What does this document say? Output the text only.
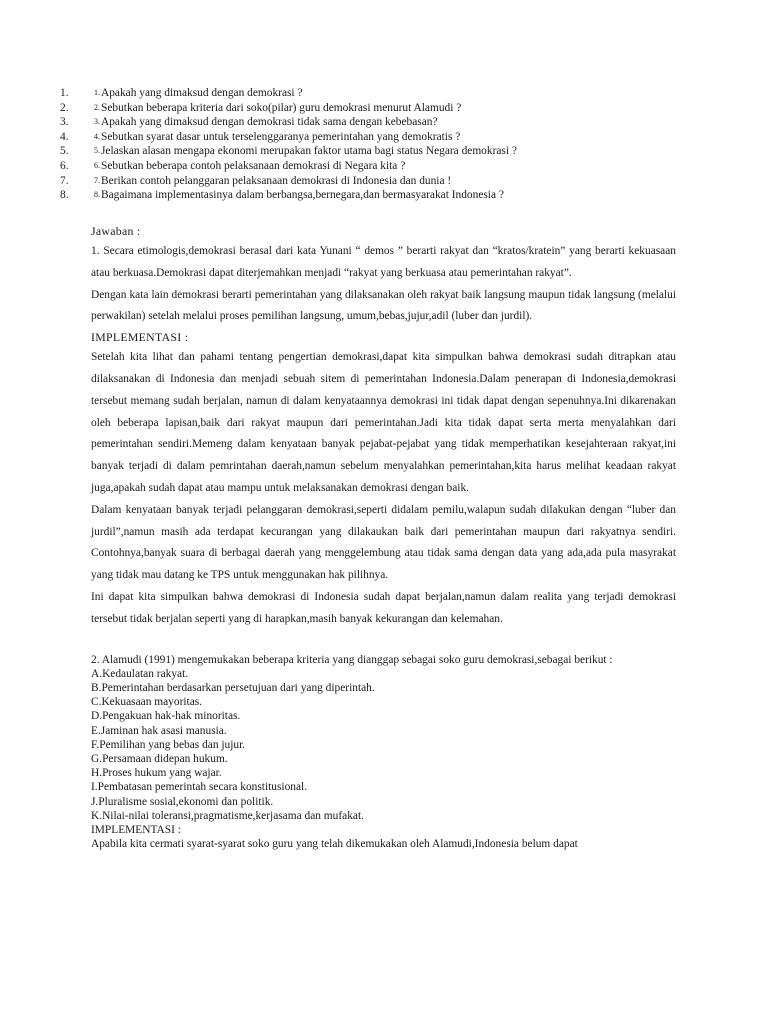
1.	1. Apakah yang dimaksud dengan demokrasi ?
2.	2. Sebutkan beberapa kriteria dari soko(pilar) guru demokrasi menurut Alamudi ?
3.	3. Apakah yang dimaksud dengan demokrasi tidak sama dengan kebebasan?
4.	4. Sebutkan syarat dasar untuk terselenggaranya pemerintahan yang demokratis ?
5.	5. Jelaskan alasan mengapa ekonomi merupakan faktor utama bagi status Negara demokrasi ?
6.	6. Sebutkan beberapa contoh pelaksanaan demokrasi di Negara kita ?
7.	7. Berikan contoh pelanggaran pelaksanaan demokrasi di Indonesia dan dunia !
8.	8. Bagaimana implementasinya dalam berbangsa,bernegara,dan bermasyarakat Indonesia ?
Jawaban :

1. Secara etimologis,demokrasi berasal dari kata Yunani “ demos ” berarti rakyat dan “kratos/kratein” yang berarti kekuasaan atau berkuasa.Demokrasi dapat diterjemahkan menjadi “rakyat yang berkuasa atau pemerintahan rakyat”.

Dengan kata lain demokrasi berarti pemerintahan yang dilaksanakan oleh rakyat baik langsung maupun tidak langsung (melalui perwakilan) setelah melalui proses pemilihan langsung, umum,bebas,jujur,adil (luber dan jurdil).

IMPLEMENTASI :

Setelah kita lihat dan pahami tentang pengertian demokrasi,dapat kita simpulkan bahwa demokrasi sudah ditrapkan atau dilaksanakan di Indonesia dan menjadi sebuah sitem di pemerintahan Indonesia.Dalam penerapan di Indonesia,demokrasi tersebut memang sudah berjalan, namun di dalam kenyataannya demokrasi ini tidak dapat dengan sepenuhnya.Ini dikarenakan oleh beberapa lapisan,baik dari rakyat maupun dari pemerintahan.Jadi kita tidak dapat serta merta menyalahkan dari pemerintahan sendiri.Memeng dalam kenyataan banyak pejabat-pejabat yang tidak memperhatikan kesejahteraan rakyat,ini banyak terjadi di dalam pemrintahan daerah,namun sebelum menyalahkan pemerintahan,kita harus melihat keadaan rakyat juga,apakah sudah dapat atau mampu untuk melaksanakan demokrasi dengan baik.

Dalam kenyataan banyak terjadi pelanggaran demokrasi,seperti didalam pemilu,walapun sudah dilakukan dengan “luber dan jurdil”,namun masih ada terdapat kecurangan yang dilakaukan baik dari pemerintahan maupun dari rakyatnya sendiri. Contohnya,banyak suara di berbagai daerah yang menggelembung atau tidak sama dengan data yang ada,ada pula masyrakat yang tidak mau datang ke TPS untuk menggunakan hak pilihnya.

Ini dapat kita simpulkan bahwa demokrasi di Indonesia sudah dapat berjalan,namun dalam realita yang terjadi demokrasi tersebut tidak berjalan seperti yang di harapkan,masih banyak kekurangan dan kelemahan.

2. Alamudi (1991) mengemukakan beberapa kriteria yang dianggap sebagai soko guru demokrasi,sebagai berikut :

A.Kedaulatan rakyat.

B.Pemerintahan berdasarkan persetujuan dari yang diperintah.

C.Kekuasaan mayoritas.

D.Pengakuan hak-hak minoritas.

E.Jaminan hak asasi manusia.

F.Pemilihan yang bebas dan jujur.

G.Persamaan didepan hukum.

H.Proses hukum yang wajar.

I.Pembatasan pemerintah secara konstitusional.

J.Pluralisme sosial,ekonomi dan politik.

K.Nilai-nilai toleransi,pragmatisme,kerjasama dan mufakat.

IMPLEMENTASI :

Apabila kita cermati syarat-syarat soko guru yang telah dikemukakan oleh Alamudi,Indonesia belum dapat
